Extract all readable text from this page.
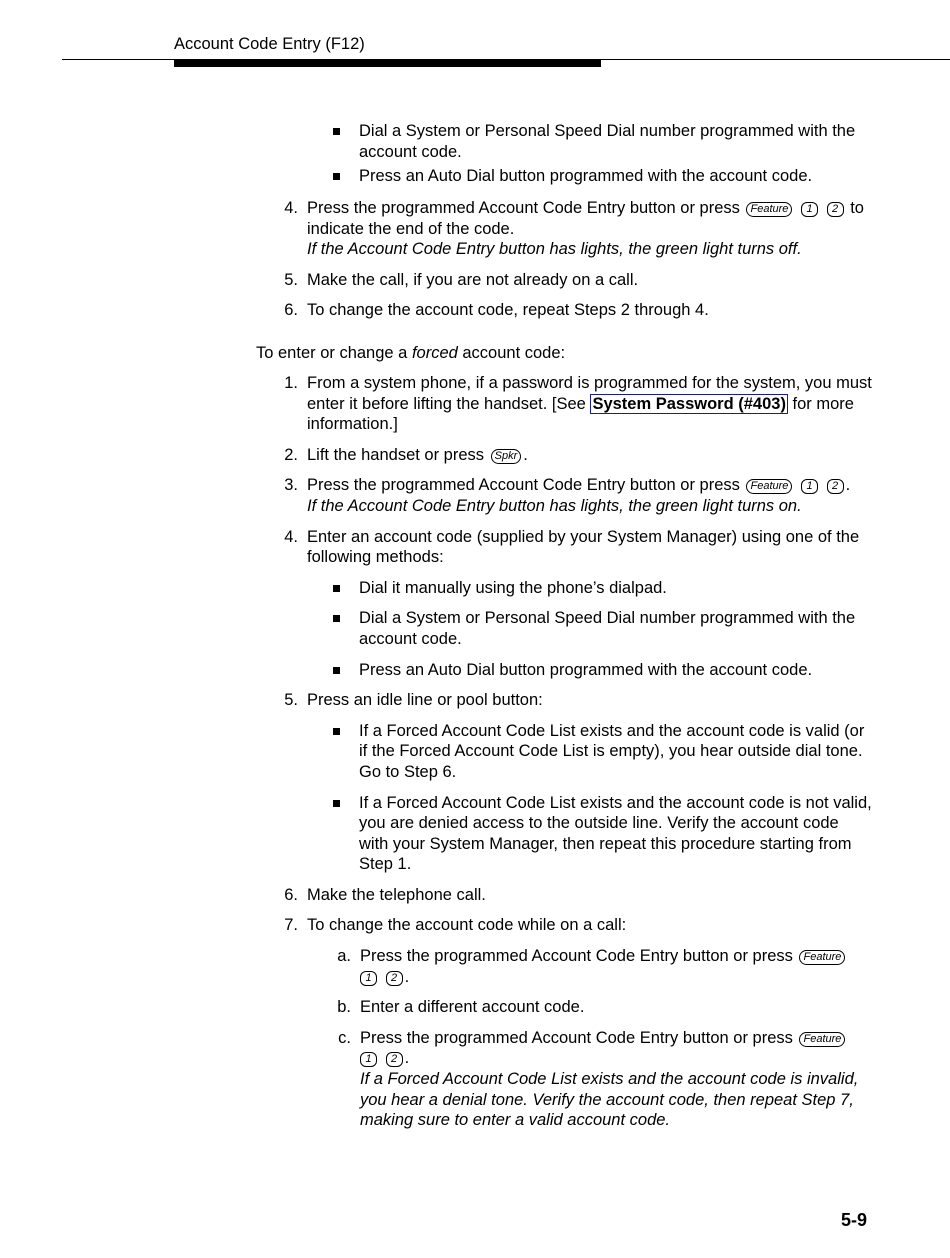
Account Code Entry (F12)
Dial a System or Personal Speed Dial number programmed with the account code.
Press an Auto Dial button programmed with the account code.
4. Press the programmed Account Code Entry button or press Feature 1 2 to indicate the end of the code.
If the Account Code Entry button has lights, the green light turns off.
5. Make the call, if you are not already on a call.
6. To change the account code, repeat Steps 2 through 4.
To enter or change a forced account code:
1. From a system phone, if a password is programmed for the system, you must enter it before lifting the handset. [See System Password (#403) for more information.]
2. Lift the handset or press Spkr .
3. Press the programmed Account Code Entry button or press Feature 1 2 .
If the Account Code Entry button has lights, the green light turns on.
4. Enter an account code (supplied by your System Manager) using one of the following methods:
Dial it manually using the phone’s dialpad.
Dial a System or Personal Speed Dial number programmed with the account code.
Press an Auto Dial button programmed with the account code.
5. Press an idle line or pool button:
If a Forced Account Code List exists and the account code is valid (or if the Forced Account Code List is empty), you hear outside dial tone. Go to Step 6.
If a Forced Account Code List exists and the account code is not valid, you are denied access to the outside line. Verify the account code with your System Manager, then repeat this procedure starting from Step 1.
6. Make the telephone call.
7. To change the account code while on a call:
a. Press the programmed Account Code Entry button or press Feature
1 2 .
b. Enter a different account code.
c. Press the programmed Account Code Entry button or press Feature
1 2 .
If a Forced Account Code List exists and the account code is invalid, you hear a denial tone. Verify the account code, then repeat Step 7, making sure to enter a valid account code.
5-9
